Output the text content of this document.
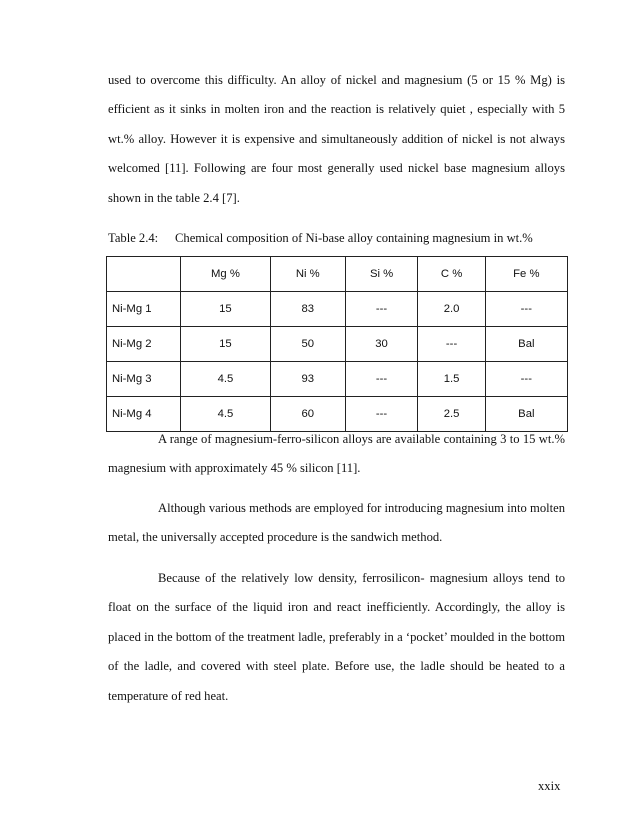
used to overcome this difficulty. An alloy of nickel and magnesium (5 or 15 % Mg) is efficient as it sinks in molten iron and the reaction is relatively quiet , especially with 5 wt.% alloy. However it is expensive and simultaneously addition of nickel is not always welcomed [11]. Following are four most generally used nickel base magnesium alloys shown in the table 2.4 [7].

Table 2.4: Chemical composition of Ni-base alloy containing magnesium in wt.%

	Mg %	Ni %	Si %	C %	Fe %
Ni-Mg 1	15	83	---	2.0	---
Ni-Mg 2	15	50	30	---	Bal
Ni-Mg 3	4.5	93	---	1.5	---
Ni-Mg 4	4.5	60	---	2.5	Bal

A range of magnesium-ferro-silicon alloys are available containing 3 to 15 wt.% magnesium with approximately 45 % silicon [11].

Although various methods are employed for introducing magnesium into molten metal, the universally accepted procedure is the sandwich method.

Because of the relatively low density, ferrosilicon- magnesium alloys tend to float on the surface of the liquid iron and react inefficiently. Accordingly, the alloy is placed in the bottom of the treatment ladle, preferably in a ‘pocket’ moulded in the bottom of the ladle, and covered with steel plate. Before use, the ladle should be heated to a temperature of red heat.

xxix
